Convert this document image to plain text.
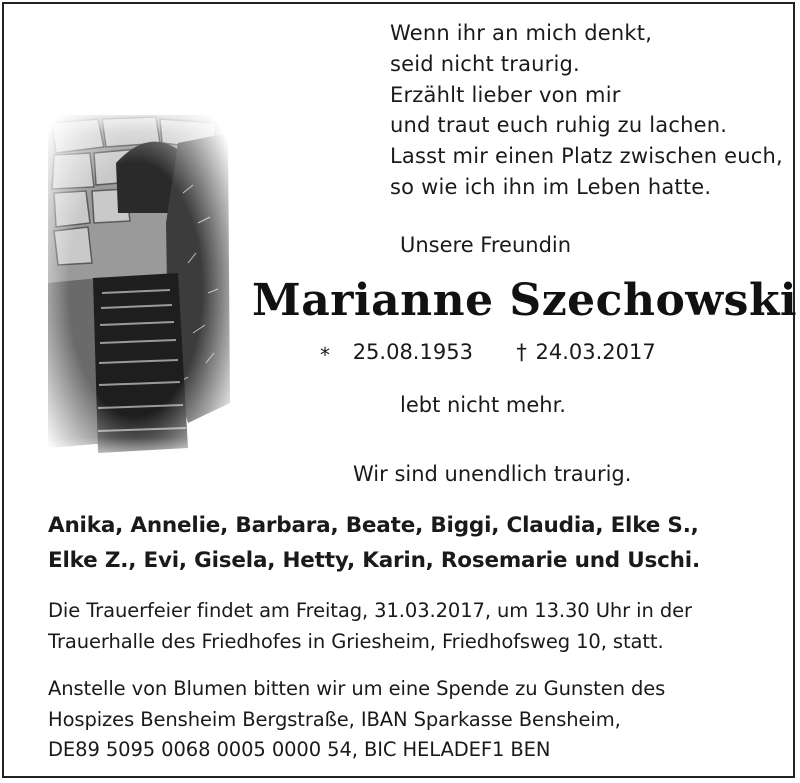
Wenn ihr an mich denkt,
seid nicht traurig.
Erzählt lieber von mir
und traut euch ruhig zu lachen.
Lasst mir einen Platz zwischen euch,
so wie ich ihn im Leben hatte.
Unsere Freundin
Marianne Szechowski
* 25.08.1953 † 24.03.2017
lebt nicht mehr.
Wir sind unendlich traurig.
Anika, Annelie, Barbara, Beate, Biggi, Claudia, Elke S.,
Elke Z., Evi, Gisela, Hetty, Karin, Rosemarie und Uschi.
Die Trauerfeier findet am Freitag, 31.03.2017, um 13.30 Uhr in der
Trauerhalle des Friedhofes in Griesheim, Friedhofsweg 10, statt.
Anstelle von Blumen bitten wir um eine Spende zu Gunsten des
Hospizes Bensheim Bergstraße, IBAN Sparkasse Bensheim,
DE89 5095 0068 0005 0000 54, BIC HELADEF1 BEN
